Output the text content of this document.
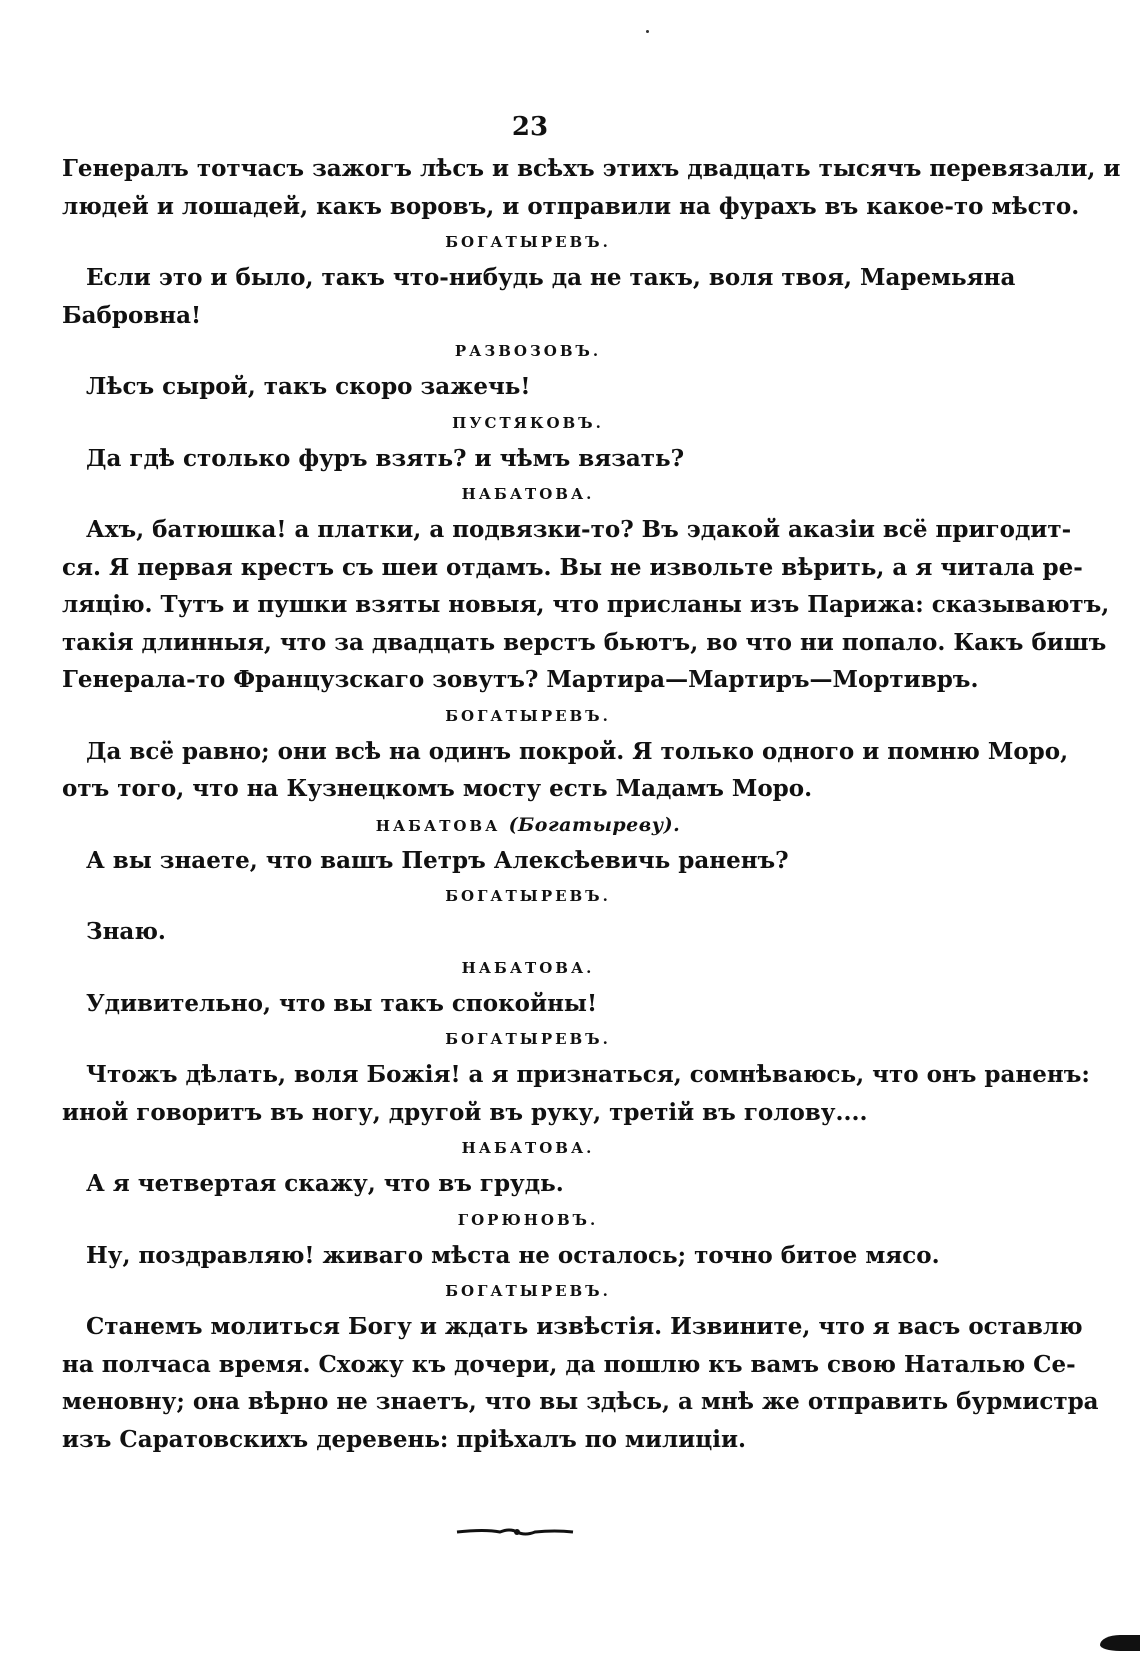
23
Генералъ тотчасъ зажогъ лѣсъ и всѣхъ этихъ двадцать тысячъ перевязали, и
людей и лошадей, какъ воровъ, и отправили на фурахъ въ какое-то мѣсто.
БОГАТЫРЕВЪ.
Если это и было, такъ что-нибудь да не такъ, воля твоя, Маремьяна
Бабровна!
РАЗВОЗОВЪ.
Лѣсъ сырой, такъ скоро зажечь!
ПУСТЯКОВЪ.
Да гдѣ столько фуръ взять? и чѣмъ вязать?
НАБАТОВА.
Ахъ, батюшка! а платки, а подвязки-то? Въ эдакой аказіи всё пригодит-
ся. Я первая крестъ съ шеи отдамъ. Вы не извольте вѣрить, а я читала ре-
ляцію. Тутъ и пушки взяты новыя, что присланы изъ Парижа: сказываютъ,
такія длинныя, что за двадцать верстъ бьютъ, во что ни попало. Какъ бишъ
Генерала-то Французскаго зовутъ? Мартира—Мартиръ—Мортивръ.
БОГАТЫРЕВЪ.
Да всё равно; они всѣ на одинъ покрой. Я только одного и помню Моро,
отъ того, что на Кузнецкомъ мосту есть Мадамъ Моро.
НАБАТОВА (Богатыреву).
А вы знаете, что вашъ Петръ Алексѣевичь раненъ?
БОГАТЫРЕВЪ.
Знаю.
НАБАТОВА.
Удивительно, что вы такъ спокойны!
БОГАТЫРЕВЪ.
Чтожъ дѣлать, воля Божія! а я признаться, сомнѣваюсь, что онъ раненъ:
иной говоритъ въ ногу, другой въ руку, третій въ голову....
НАБАТОВА.
А я четвертая скажу, что въ грудь.
ГОРЮНОВЪ.
Ну, поздравляю! живаго мѣста не осталось; точно битое мясо.
БОГАТЫРЕВЪ.
Станемъ молиться Богу и ждать извѣстія. Извините, что я васъ оставлю
на полчаса время. Схожу къ дочери, да пошлю къ вамъ свою Наталью Се-
меновну; она вѣрно не знаетъ, что вы здѣсь, а мнѣ же отправить бурмистра
изъ Саратовскихъ деревень: пріѣхалъ по милиціи.
